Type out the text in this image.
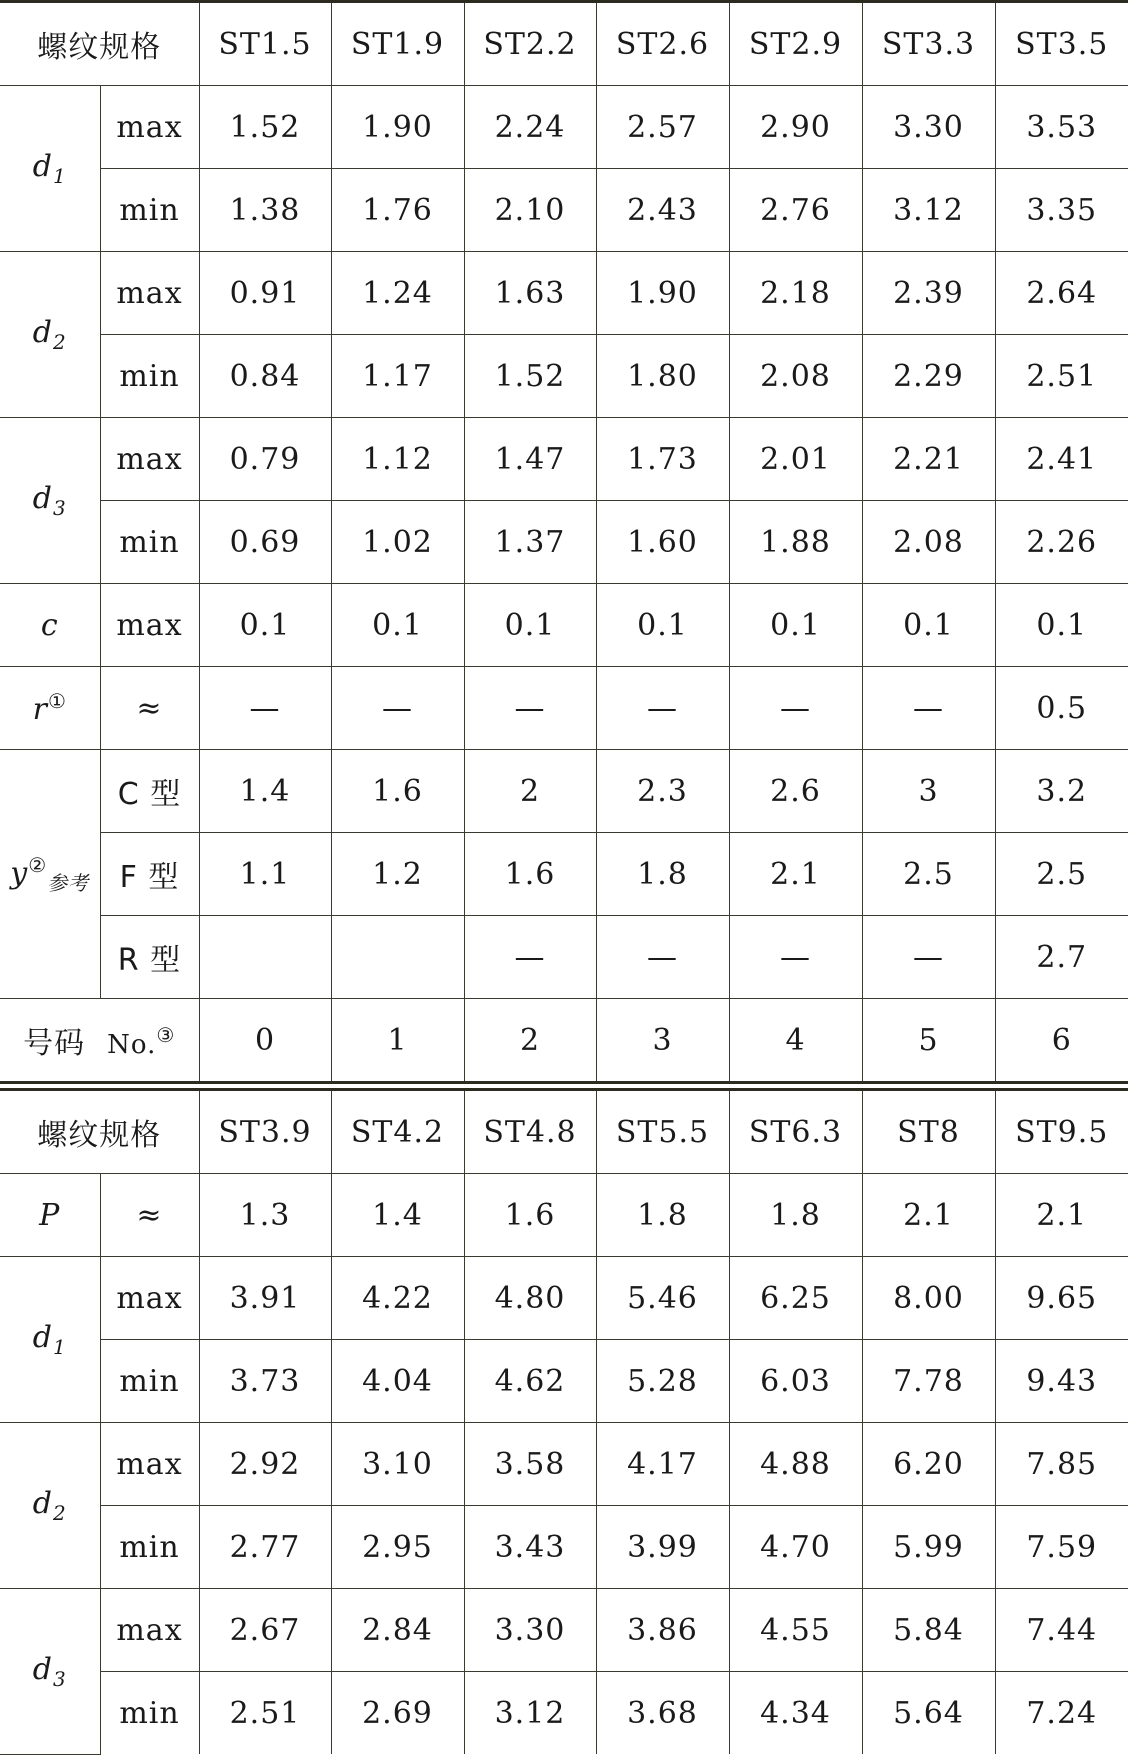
螺纹规格		ST1.5	ST1.9	ST2.2	ST2.6	ST2.9	ST3.3	ST3.5
$d_1$	max	1.52	1.90	2.24	2.57	2.90	3.30	3.53
	min	1.38	1.76	2.10	2.43	2.76	3.12	3.35
$d_2$	max	0.91	1.24	1.63	1.90	2.18	2.39	2.64
	min	0.84	1.17	1.52	1.80	2.08	2.29	2.51
$d_3$	max	0.79	1.12	1.47	1.73	2.01	2.21	2.41
	min	0.69	1.02	1.37	1.60	1.88	2.08	2.26
c	max	0.1	0.1	0.1	0.1	0.1	0.1	0.1
r①	≈	—	—	—	—	—	—	0.5
$y^②_{参考}$	C 型	1.4	1.6	2	2.3	2.6	3	3.2
	F 型	1.1	1.2	1.6	1.8	2.1	2.5	2.5
	R 型			—	—	—	—	2.7
号码 No.③		0	1	2	3	4	5	6

螺纹规格		ST3.9	ST4.2	ST4.8	ST5.5	ST6.3	ST8	ST9.5
P	≈	1.3	1.4	1.6	1.8	1.8	2.1	2.1
$d_1$	max	3.91	4.22	4.80	5.46	6.25	8.00	9.65
	min	3.73	4.04	4.62	5.28	6.03	7.78	9.43
$d_2$	max	2.92	3.10	3.58	4.17	4.88	6.20	7.85
	min	2.77	2.95	3.43	3.99	4.70	5.99	7.59
$d_3$	max	2.67	2.84	3.30	3.86	4.55	5.84	7.44
	min	2.51	2.69	3.12	3.68	4.34	5.64	7.24
